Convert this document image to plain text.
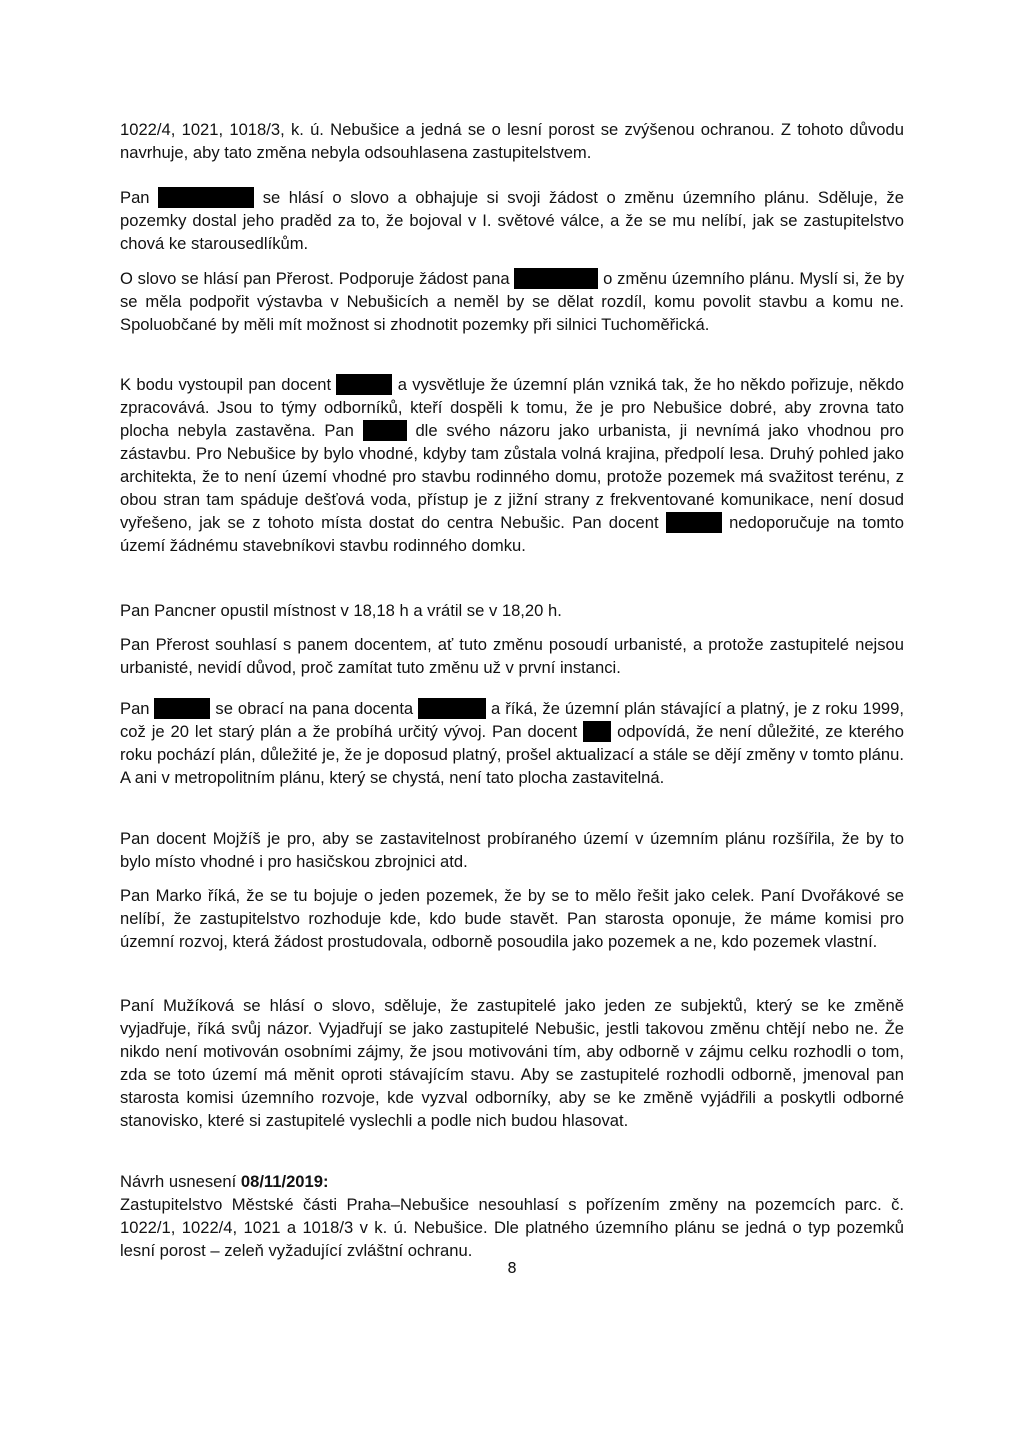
1022/4, 1021, 1018/3, k. ú. Nebušice a jedná se o lesní porost se zvýšenou ochranou. Z tohoto důvodu navrhuje, aby tato změna nebyla odsouhlasena zastupitelstvem.

Pan	se hlásí o slovo a obhajuje si svoji žádost o změnu územního plánu. Sděluje, že pozemky dostal jeho praděd za to, že bojoval v I. světové válce, a že se mu nelíbí, jak se zastupitelstvo chová ke starousedlíkům.

O slovo se hlásí pan Přerost. Podporuje žádost pana	o změnu územního plánu. Myslí si, že by se měla podpořit výstavba v Nebušicích a neměl by se dělat rozdíl, komu povolit stavbu a komu ne. Spoluobčané by měli mít možnost si zhodnotit pozemky při silnici Tuchoměřická.

K bodu vystoupil pan docent	a vysvětluje že územní plán vzniká tak, že ho někdo pořizuje, někdo zpracovává. Jsou to týmy odborníků, kteří dospěli k tomu, že je pro Nebušice dobré, aby zrovna tato plocha nebyla zastavěna. Pan	dle svého názoru jako urbanista, ji nevnímá jako vhodnou pro zástavbu. Pro Nebušice by bylo vhodné, kdyby tam zůstala volná krajina, předpolí lesa. Druhý pohled jako architekta, že to není území vhodné pro stavbu rodinného domu, protože pozemek má svažitost terénu, z obou stran tam spáduje dešťová voda, přístup je z jižní strany z frekventované komunikace, není dosud vyřešeno, jak se z tohoto místa dostat do centra Nebušic. Pan docent	nedoporučuje na tomto území žádnému stavebníkovi stavbu rodinného domku.

Pan Pancner opustil místnost v 18,18 h a vrátil se v 18,20 h.

Pan Přerost souhlasí s panem docentem, ať tuto změnu posoudí urbanisté, a protože zastupitelé nejsou urbanisté, nevidí důvod, proč zamítat tuto změnu už v první instanci.

Pan	se obrací na pana docenta	a říká, že územní plán stávající a platný, je z roku 1999, což je 20 let starý plán a že probíhá určitý vývoj. Pan docent odpovídá, že není důležité, ze kterého roku pochází plán, důležité je, že je doposud platný, prošel aktualizací a stále se dějí změny v tomto plánu. A ani v metropolitním plánu, který se chystá, není tato plocha zastavitelná.

Pan docent Mojžíš je pro, aby se zastavitelnost probíraného území v územním plánu rozšířila, že by to bylo místo vhodné i pro hasičskou zbrojnici atd.

Pan Marko říká, že se tu bojuje o jeden pozemek, že by se to mělo řešit jako celek. Paní Dvořákové se nelíbí, že zastupitelstvo rozhoduje kde, kdo bude stavět. Pan starosta oponuje, že máme komisi pro územní rozvoj, která žádost prostudovala, odborně posoudila jako pozemek a ne, kdo pozemek vlastní.

Paní Mužíková se hlásí o slovo, sděluje, že zastupitelé jako jeden ze subjektů, který se ke změně vyjadřuje, říká svůj názor. Vyjadřují se jako zastupitelé Nebušic, jestli takovou změnu chtějí nebo ne. Že nikdo není motivován osobními zájmy, že jsou motivováni tím, aby odborně v zájmu celku rozhodli o tom, zda se toto území má měnit oproti stávajícím stavu. Aby se zastupitelé rozhodli odborně, jmenoval pan starosta komisi územního rozvoje, kde vyzval odborníky, aby se ke změně vyjádřili a poskytli odborné stanovisko, které si zastupitelé vyslechli a podle nich budou hlasovat.

Návrh usnesení 08/11/2019:
Zastupitelstvo Městské části Praha–Nebušice nesouhlasí s pořízením změny na pozemcích parc. č. 1022/1, 1022/4, 1021 a 1018/3 v k. ú. Nebušice. Dle platného územního plánu se jedná o typ pozemků lesní porost – zeleň vyžadující zvláštní ochranu.
8
